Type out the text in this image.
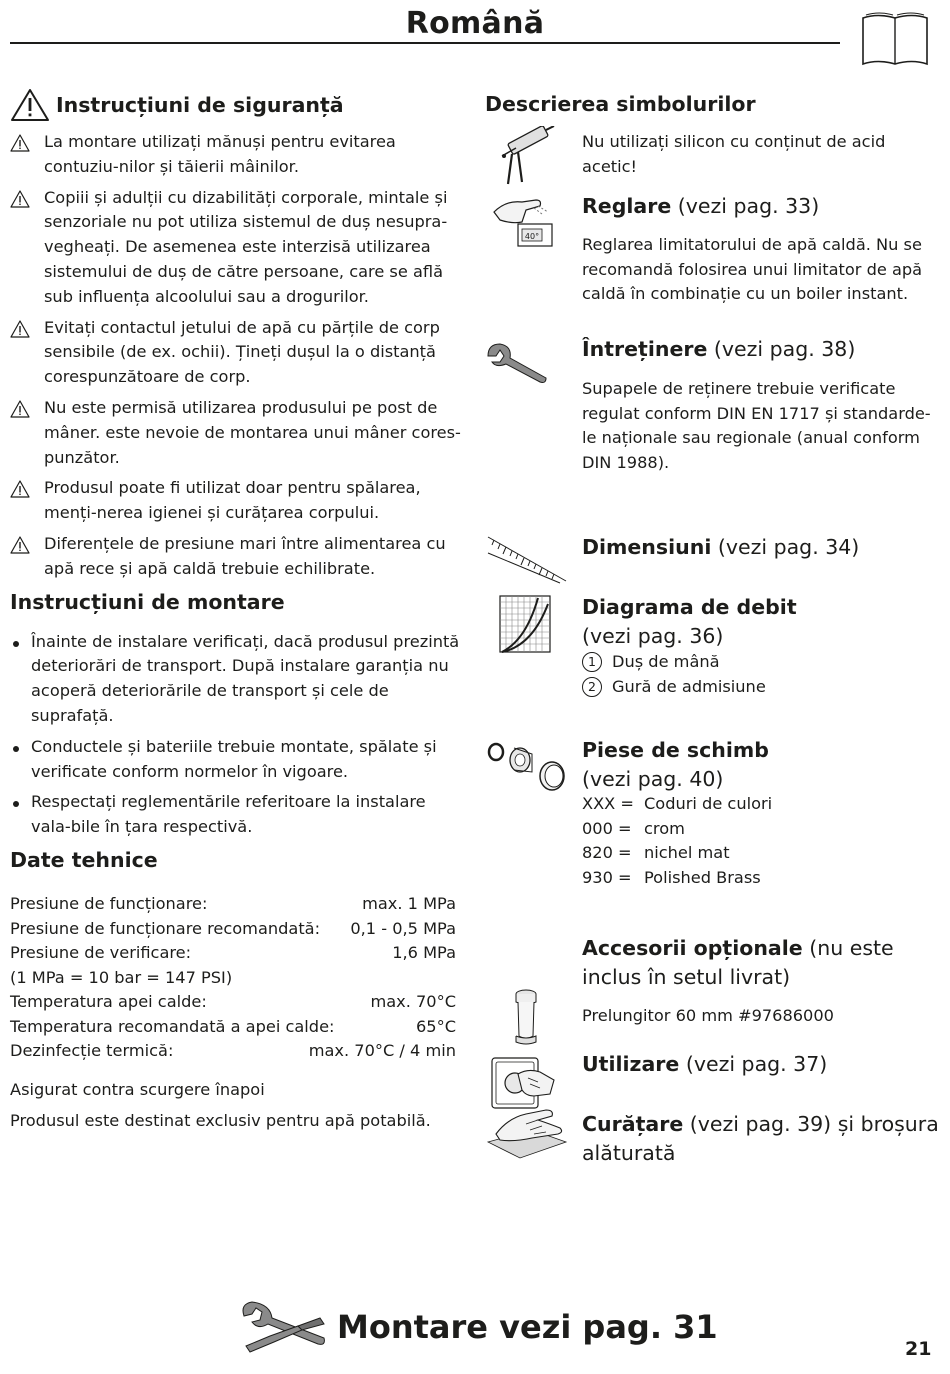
Română
Instrucțiuni de siguranță
La montare utilizați mănuși pentru evitarea contuziu-nilor și tăierii mâinilor.
Copiii și adulții cu dizabilități corporale, mintale și senzoriale nu pot utiliza sistemul de duș nesupra-vegheați. De asemenea este interzisă utilizarea sistemului de duș de către persoane, care se află sub influența alcoolului sau a drogurilor.
Evitați contactul jetului de apă cu părțile de corp sensibile (de ex. ochii). Țineți dușul la o distanță corespunzătoare de corp.
Nu este permisă utilizarea produsului pe post de mâner. este nevoie de montarea unui mâner cores-punzător.
Produsul poate fi utilizat doar pentru spălarea, menți-nerea igienei și curățarea corpului.
Diferențele de presiune mari între alimentarea cu apă rece și apă caldă trebuie echilibrate.
Instrucțiuni de montare
Înainte de instalare verificați, dacă produsul prezintă deteriorări de transport. După instalare garanția nu acoperă deteriorările de transport și cele de suprafață.
Conductele și bateriile trebuie montate, spălate și verificate conform normelor în vigoare.
Respectați reglementările referitoare la instalare vala-bile în țara respectivă.
Date tehnice
Presiune de funcționare:	max. 1 MPa
Presiune de funcționare recomandată: 0,1 - 0,5 MPa
Presiune de verificare:	1,6 MPa
(1 MPa = 10 bar = 147 PSI)
Temperatura apei calde:	max. 70°C
Temperatura recomandată a apei calde:	65°C
Dezinfecție termică:	max. 70°C / 4 min

Asigurat contra scurgere înapoi

Produsul este destinat exclusiv pentru apă potabilă.

Descrierea simbolurilor
Nu utilizați silicon cu conținut de acid acetic!
40°
Reglare (vezi pag. 33)
Reglarea limitatorului de apă caldă. Nu se recomandă folosirea unui limitator de apă caldă în combinație cu un boiler instant.
Întreținere (vezi pag. 38)
Supapele de reținere trebuie verificate regulat conform DIN EN 1717 și standarde-le naționale sau regionale (anual conform DIN 1988).
Dimensiuni (vezi pag. 34)
Diagrama de debit
(vezi pag. 36)
1 Duș de mână
2 Gură de admisiune
Piese de schimb
(vezi pag. 40)
XXX = Coduri de culori
000 = crom
820 = nichel mat
930 = Polished Brass
Accesorii opționale (nu este inclus în setul livrat)
Prelungitor 60 mm #97686000
Utilizare (vezi pag. 37)
Curățare (vezi pag. 39) și broșura alăturată
Montare vezi pag. 31
21
